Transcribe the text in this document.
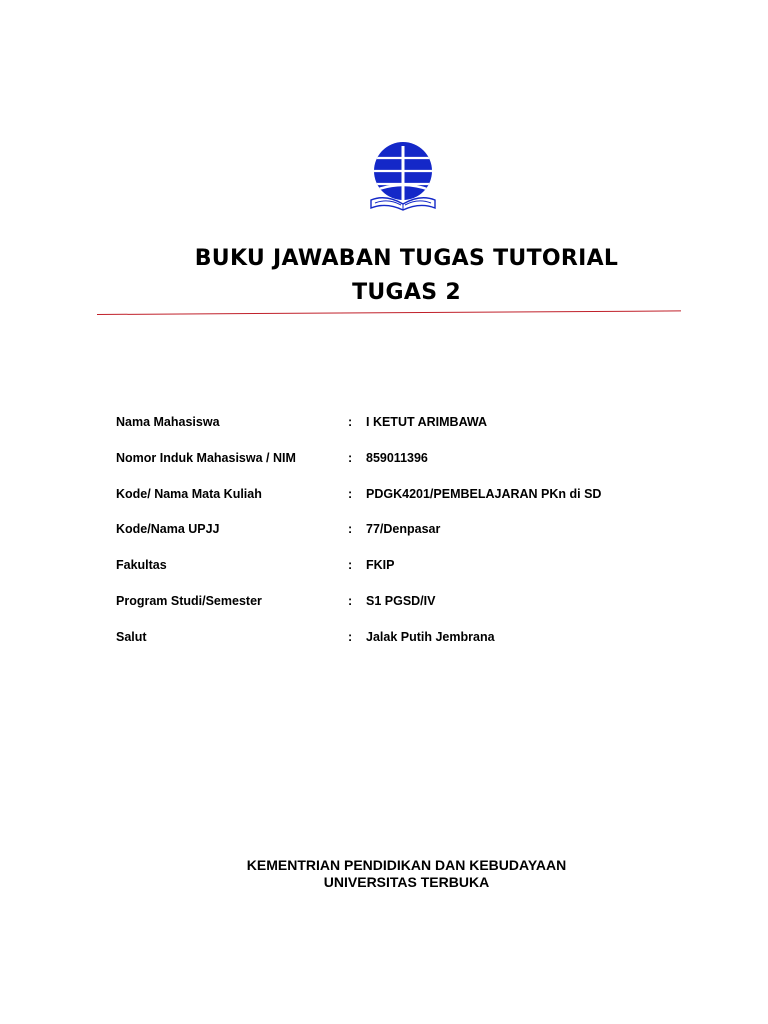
BUKU JAWABAN TUGAS TUTORIAL
TUGAS 2
Nama Mahasiswa	: I KETUT ARIMBAWA
Nomor Induk Mahasiswa / NIM	: 859011396
Kode/ Nama Mata Kuliah	: PDGK4201/PEMBELAJARAN PKn di SD
Kode/Nama UPJJ	: 77/Denpasar
Fakultas	: FKIP
Program Studi/Semester	: S1 PGSD/IV
Salut	: Jalak Putih Jembrana
KEMENTRIAN PENDIDIKAN DAN KEBUDAYAAN
UNIVERSITAS TERBUKA
